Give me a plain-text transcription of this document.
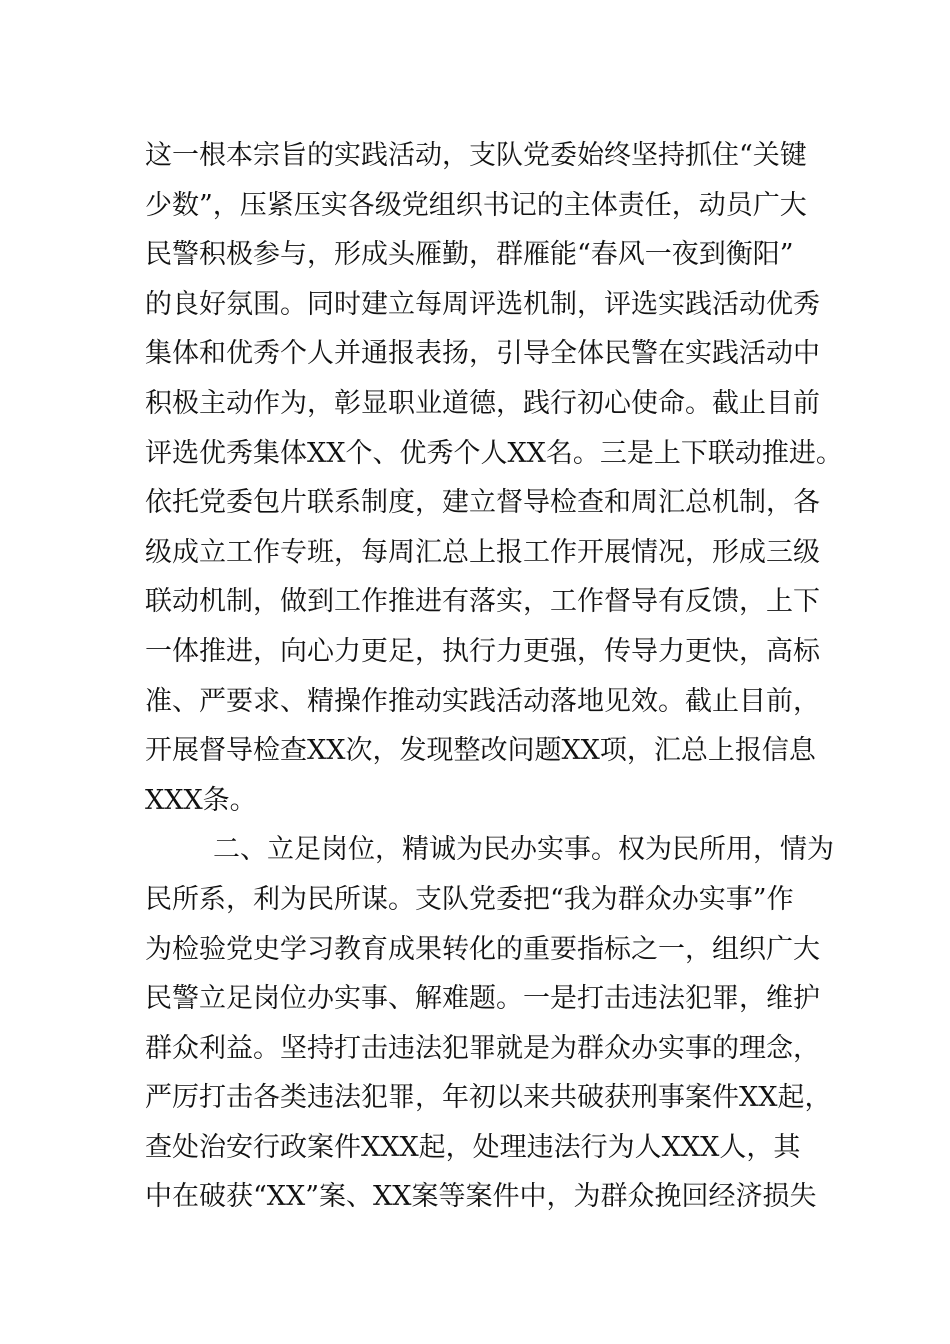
这一根本宗旨的实践活动，支队党委始终坚持抓住“关键
少数”，压紧压实各级党组织书记的主体责任，动员广大
民警积极参与，形成头雁勤，群雁能“春风一夜到衡阳”
的良好氛围。同时建立每周评选机制，评选实践活动优秀
集体和优秀个人并通报表扬，引导全体民警在实践活动中
积极主动作为，彰显职业道德，践行初心使命。截止目前
评选优秀集体XX个、优秀个人XX名。三是上下联动推进。
依托党委包片联系制度，建立督导检查和周汇总机制，各
级成立工作专班，每周汇总上报工作开展情况，形成三级
联动机制，做到工作推进有落实，工作督导有反馈，上下
一体推进，向心力更足，执行力更强，传导力更快，高标
准、严要求、精操作推动实践活动落地见效。截止目前，
开展督导检查XX次，发现整改问题XX项，汇总上报信息
XXX条。
二、立足岗位，精诚为民办实事。权为民所用，情为
民所系，利为民所谋。支队党委把“我为群众办实事”作
为检验党史学习教育成果转化的重要指标之一，组织广大
民警立足岗位办实事、解难题。一是打击违法犯罪，维护
群众利益。坚持打击违法犯罪就是为群众办实事的理念，
严厉打击各类违法犯罪，年初以来共破获刑事案件XX起，
查处治安行政案件XXX起，处理违法行为人XXX人，其
中在破获“XX”案、XX案等案件中，为群众挽回经济损失
